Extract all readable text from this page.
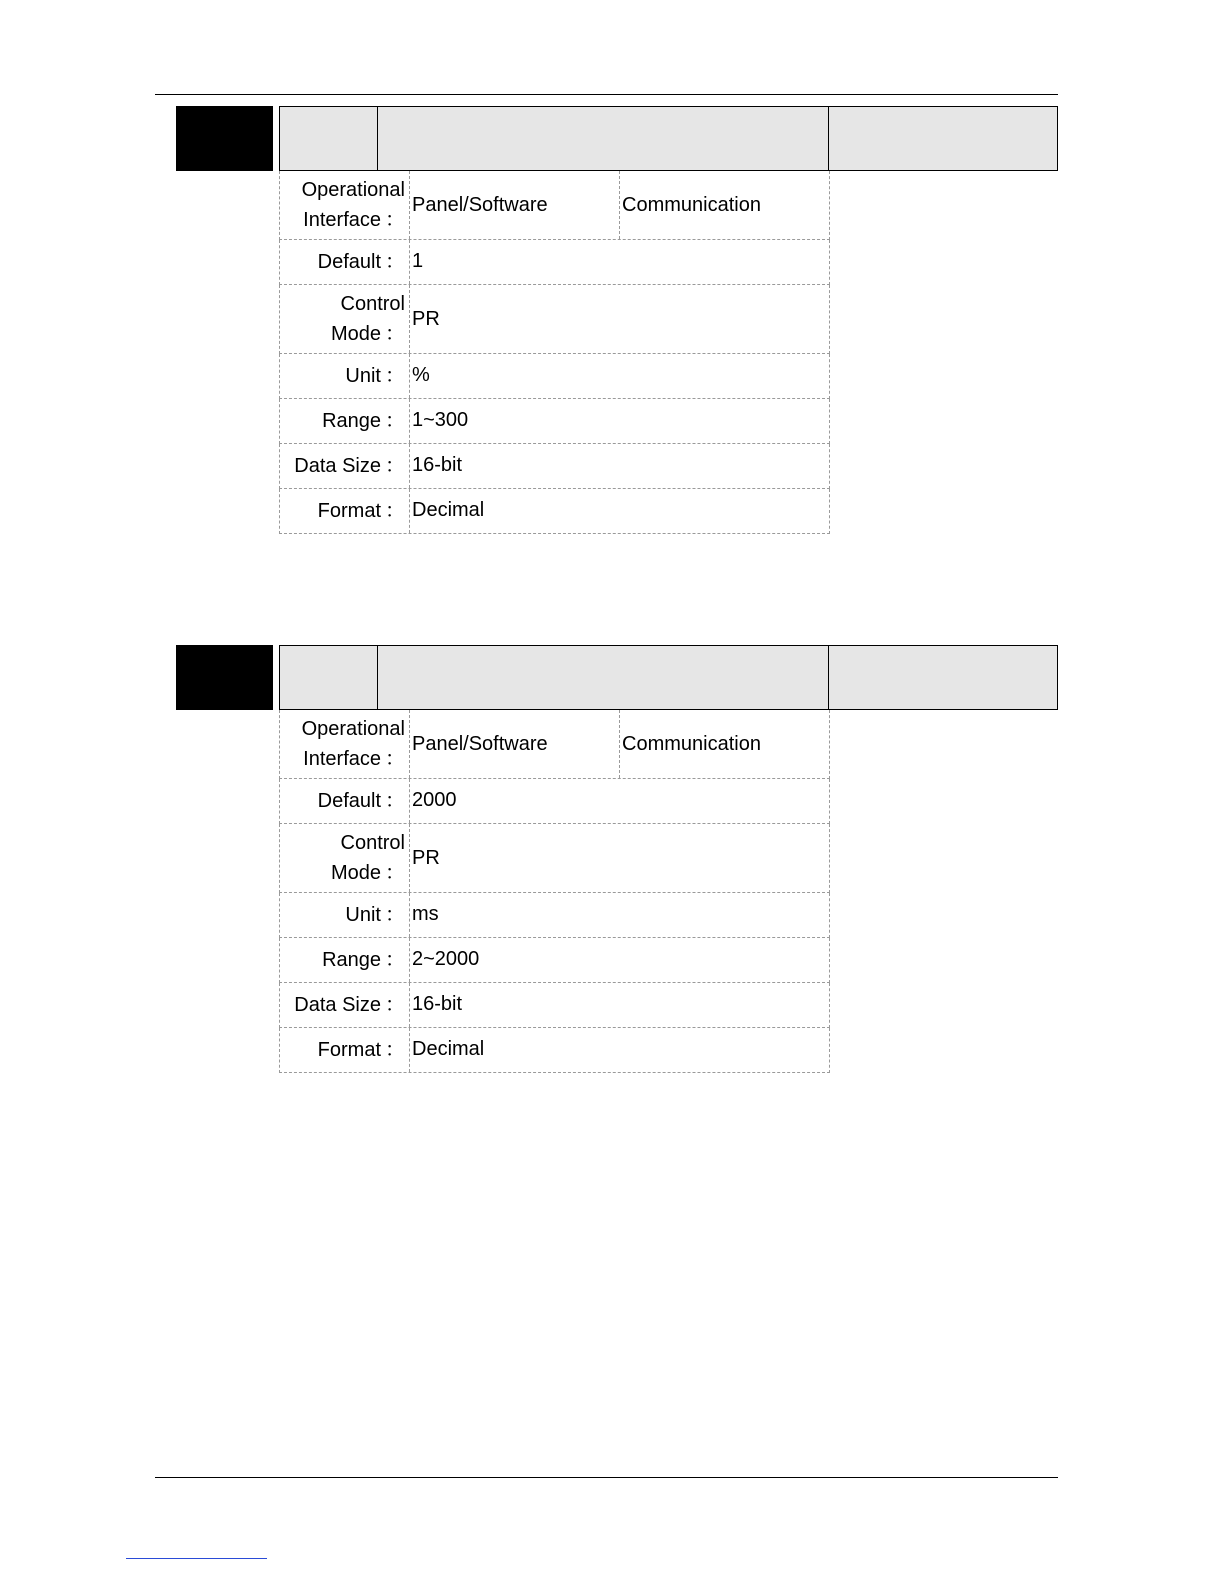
Operational
Interface ：
Panel/Software	Communication
Default ： 1
Control
Mode ：
PR
Unit ： %
Range ： 1~300
Data Size ： 16-bit
Format ： Decimal
Operational
Interface ：
Panel/Software	Communication
Default ： 2000
Control
Mode ：
PR
Unit ： ms
Range ： 2~2000
Data Size ： 16-bit
Format ： Decimal
